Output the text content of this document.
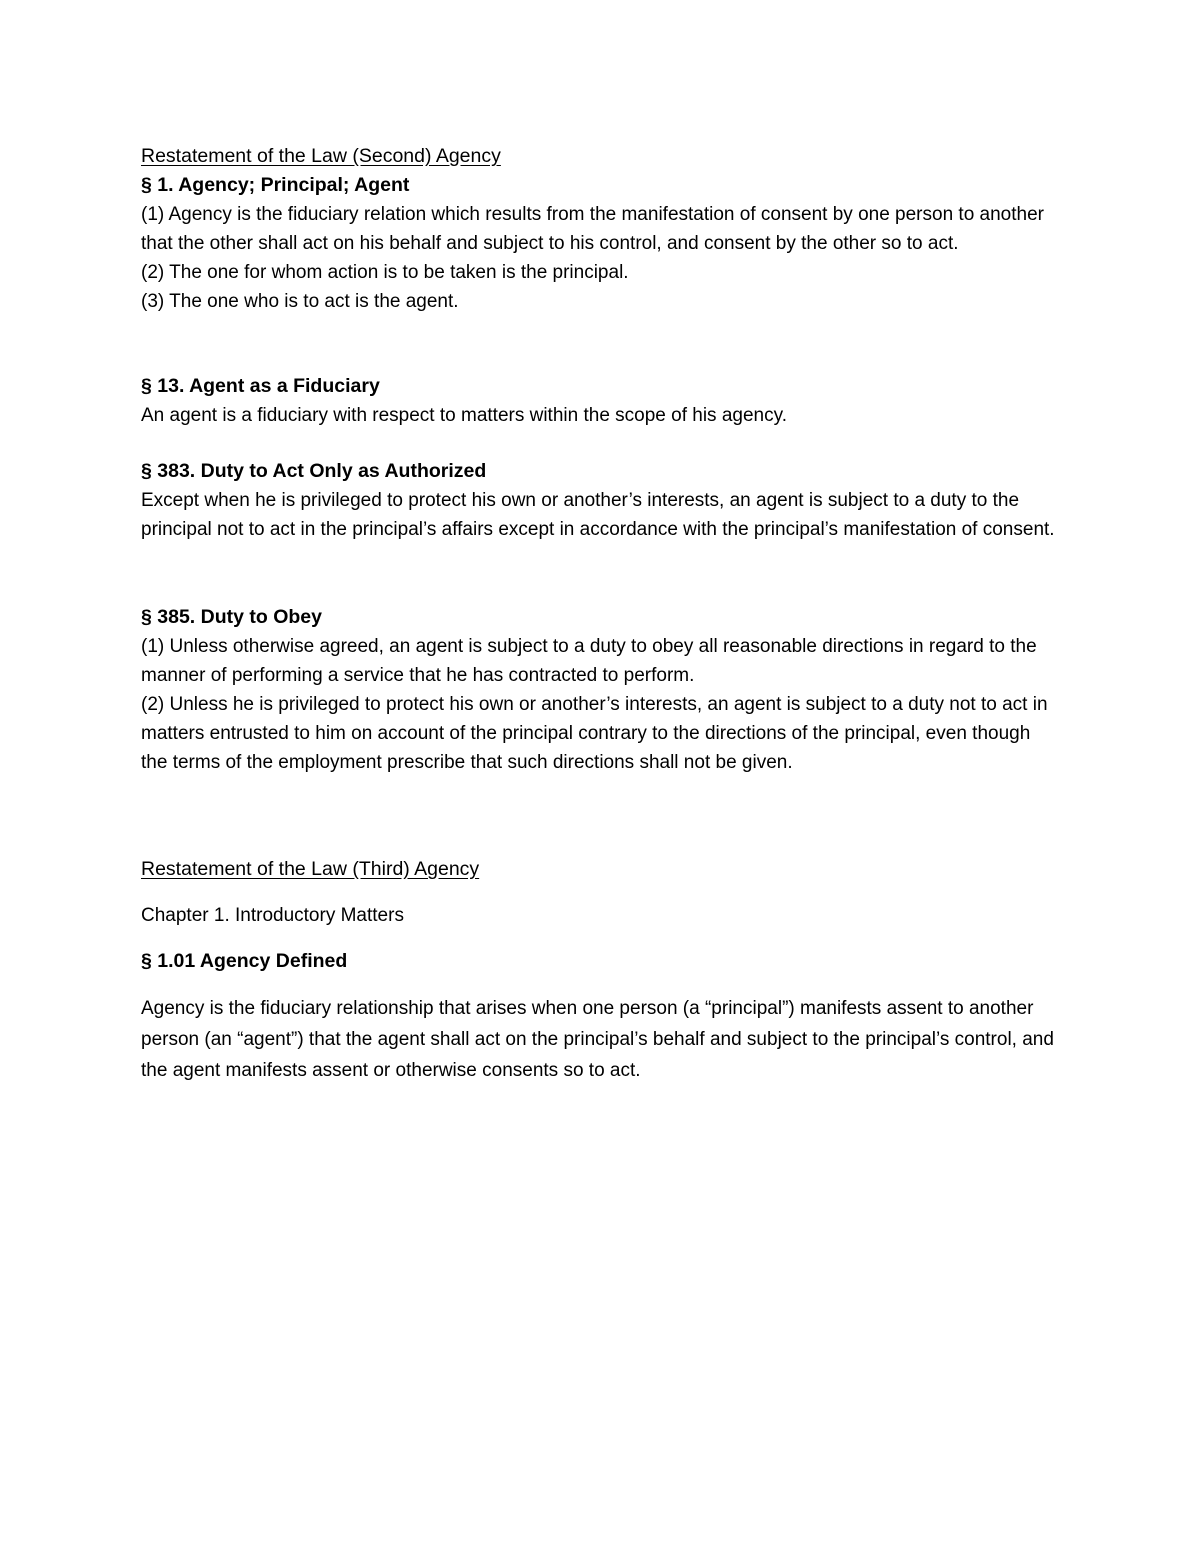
Restatement of the Law (Second) Agency
§ 1. Agency; Principal; Agent

(1) Agency is the fiduciary relation which results from the manifestation of consent by one person to another that the other shall act on his behalf and subject to his control, and consent by the other so to act.

(2) The one for whom action is to be taken is the principal.

(3) The one who is to act is the agent.

§ 13. Agent as a Fiduciary

An agent is a fiduciary with respect to matters within the scope of his agency.

§ 383. Duty to Act Only as Authorized

Except when he is privileged to protect his own or another’s interests, an agent is subject to a duty to the principal not to act in the principal’s affairs except in accordance with the principal’s manifestation of consent.

§ 385. Duty to Obey

(1) Unless otherwise agreed, an agent is subject to a duty to obey all reasonable directions in regard to the manner of performing a service that he has contracted to perform.

(2) Unless he is privileged to protect his own or another’s interests, an agent is subject to a duty not to act in matters entrusted to him on account of the principal contrary to the directions of the principal, even though the terms of the employment prescribe that such directions shall not be given.

Restatement of the Law (Third) Agency

Chapter 1. Introductory Matters

§ 1.01 Agency Defined

Agency is the fiduciary relationship that arises when one person (a “principal”) manifests assent to another person (an “agent”) that the agent shall act on the principal’s behalf and subject to the principal’s control, and the agent manifests assent or otherwise consents so to act.
